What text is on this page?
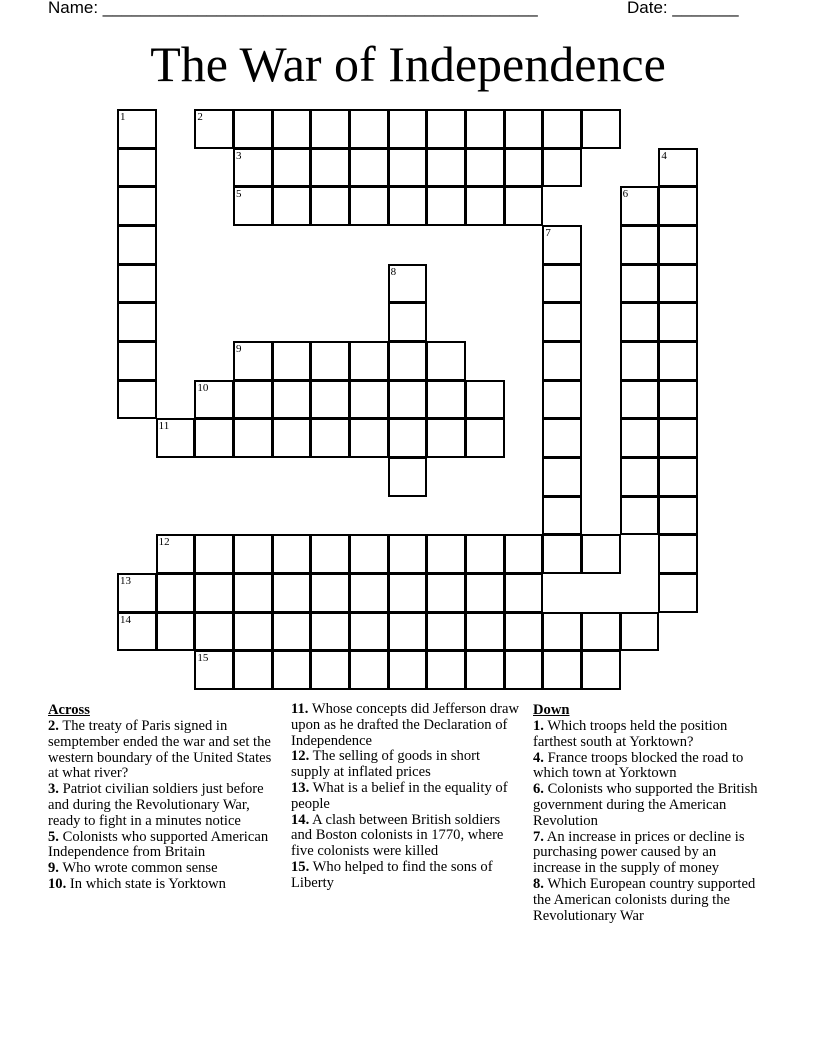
Name: ______________________________________________	Date: _______
The War of Independence
1	2
3	4
5	6
7
8
9
10
11
12
13
14
15
Across
2. The treaty of Paris signed in semptember ended the war and set the western boundary of the United States at what river?
3. Patriot civilian soldiers just before and during the Revolutionary War, ready to fight in a minutes notice
5. Colonists who supported American Independence from Britain
9. Who wrote common sense
10. In which state is Yorktown
11. Whose concepts did Jefferson draw upon as he drafted the Declaration of Independence
12. The selling of goods in short supply at inflated prices
13. What is a belief in the equality of people
14. A clash between British soldiers and Boston colonists in 1770, where five colonists were killed
15. Who helped to find the sons of Liberty
Down
1. Which troops held the position farthest south at Yorktown?
4. France troops blocked the road to which town at Yorktown
6. Colonists who supported the British government during the American Revolution
7. An increase in prices or decline is purchasing power caused by an increase in the supply of money
8. Which European country supported the American colonists during the Revolutionary War
